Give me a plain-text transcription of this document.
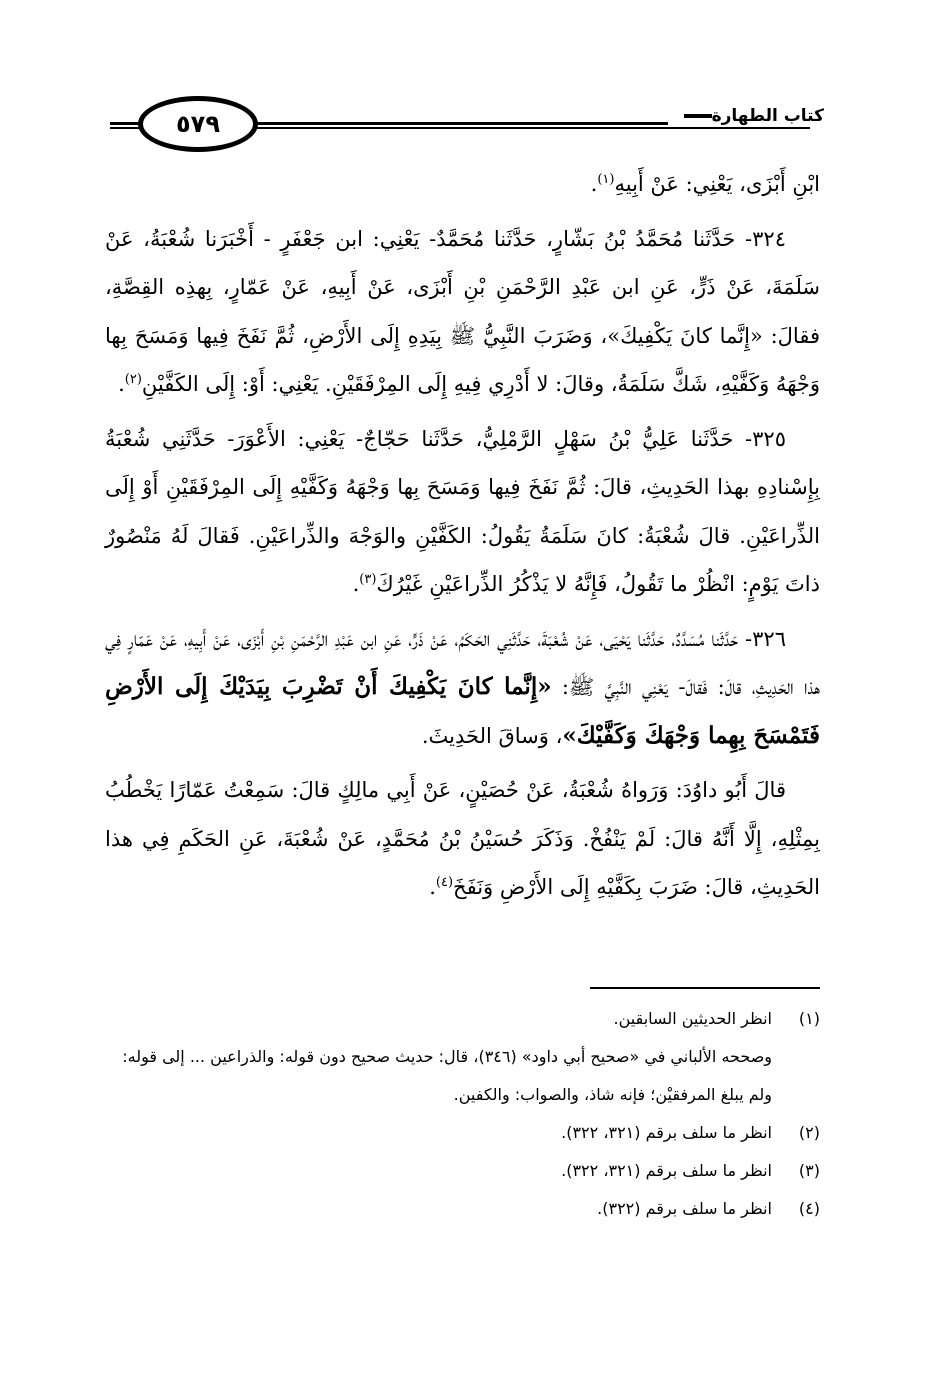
٥٧٩	كتاب الطهارة

ابْنِ أَبْزَى، يَعْنِي: عَنْ أَبِيهِ$^{(١)}$.

٣٢٤- حَدَّثَنا مُحَمَّدُ بْنُ بَشّارٍ، حَدَّثَنا مُحَمَّدٌ- يَعْنِي: ابن جَعْفَرٍ - أَخْبَرَنا شُعْبَةُ، عَنْ سَلَمَةَ، عَنْ ذَرٍّ، عَنِ ابن عَبْدِ الرَّحْمَنِ بْنِ أَبْزَى، عَنْ أَبِيهِ، عَنْ عَمّارٍ، بِهذِه القِصَّةِ، فقالَ: «إِنَّما كانَ يَكْفِيكَ»، وَضَرَبَ النَّبِيُّ ﷺ بِيَدِهِ إِلَى الأَرْضِ، ثُمَّ نَفَخَ فِيها وَمَسَحَ بِها وَجْهَهُ وَكَفَّيْهِ، شَكَّ سَلَمَةُ، وقالَ: لا أَدْرِي فِيهِ إِلَى المِرْفَقَيْنِ. يَعْنِي: أَوْ: إِلَى الكَفَّيْنِ$^{(٢)}$.

٣٢٥- حَدَّثَنا عَلِيُّ بْنُ سَهْلٍ الرَّمْلِيُّ، حَدَّثَنا حَجّاجٌ- يَعْنِي: الأَعْوَرَ- حَدَّثَنِي شُعْبَةُ بِإِسْنادِهِ بهذا الحَدِيثِ، قالَ: ثُمَّ نَفَخَ فِيها وَمَسَحَ بِها وَجْهَهُ وَكَفَّيْهِ إِلَى المِرْفَقَيْنِ أَوْ إِلَى الذِّراعَيْنِ. قالَ شُعْبَةُ: كانَ سَلَمَةُ يَقُولُ: الكَفَّيْنِ والوَجْهَ والذِّراعَيْنِ. فَقالَ لَهُ مَنْصُورٌ ذاتَ يَوْمٍ: انْظُرْ ما تَقُولُ، فَإِنَّهُ لا يَذْكُرُ الذِّراعَيْنِ غَيْرُكَ$^{(٣)}$.

٣٢٦- حَدَّثَنا مُسَدَّدٌ، حَدَّثَنا يَحْيَى، عَنْ شُعْبَةَ، حَدَّثَنِي الحَكَمُ، عَنْ ذَرٍّ، عَنِ ابن عَبْدِ الرَّحْمَنِ بْنِ أَبْزَى، عَنْ أَبِيهِ، عَنْ عَمّارٍ فِي هذا الحَدِيثِ، قالَ: فَقالَ- يَعْنِي النَّبِيَّ ﷺ: «إِنَّما كانَ يَكْفِيكَ أَنْ تَضْرِبَ بِيَدَيْكَ إِلَى الأَرْضِ فَتَمْسَحَ بِهِما وَجْهَكَ وَكَفَّيْكَ»، وَساقَ الحَدِيثَ.

قالَ أَبُو داوُدَ: وَرَواهُ شُعْبَةُ، عَنْ حُصَيْنٍ، عَنْ أَبِي مالِكٍ قالَ: سَمِعْتُ عَمّارًا يَخْطُبُ بِمِثْلِهِ، إِلَّا أَنَّهُ قالَ: لَمْ يَنْفُخْ. وَذَكَرَ حُسَيْنُ بْنُ مُحَمَّدٍ، عَنْ شُعْبَةَ، عَنِ الحَكَمِ فِي هذا الحَدِيثِ، قالَ: ضَرَبَ بِكَفَّيْهِ إِلَى الأَرْضِ وَنَفَخَ$^{(٤)}$.

(١)
انظر الحديثين السابقين.
وصححه الألباني في «صحيح أبي داود» (٣٤٦)، قال: حديث صحيح دون قوله: والذراعين ... إلى قوله: ولم يبلغ المرفقيْن؛ فإنه شاذ، والصواب: والكفين.
(٢)
انظر ما سلف برقم (٣٢١، ٣٢٢).
(٣)
انظر ما سلف برقم (٣٢١، ٣٢٢).
(٤)
انظر ما سلف برقم (٣٢٢).
